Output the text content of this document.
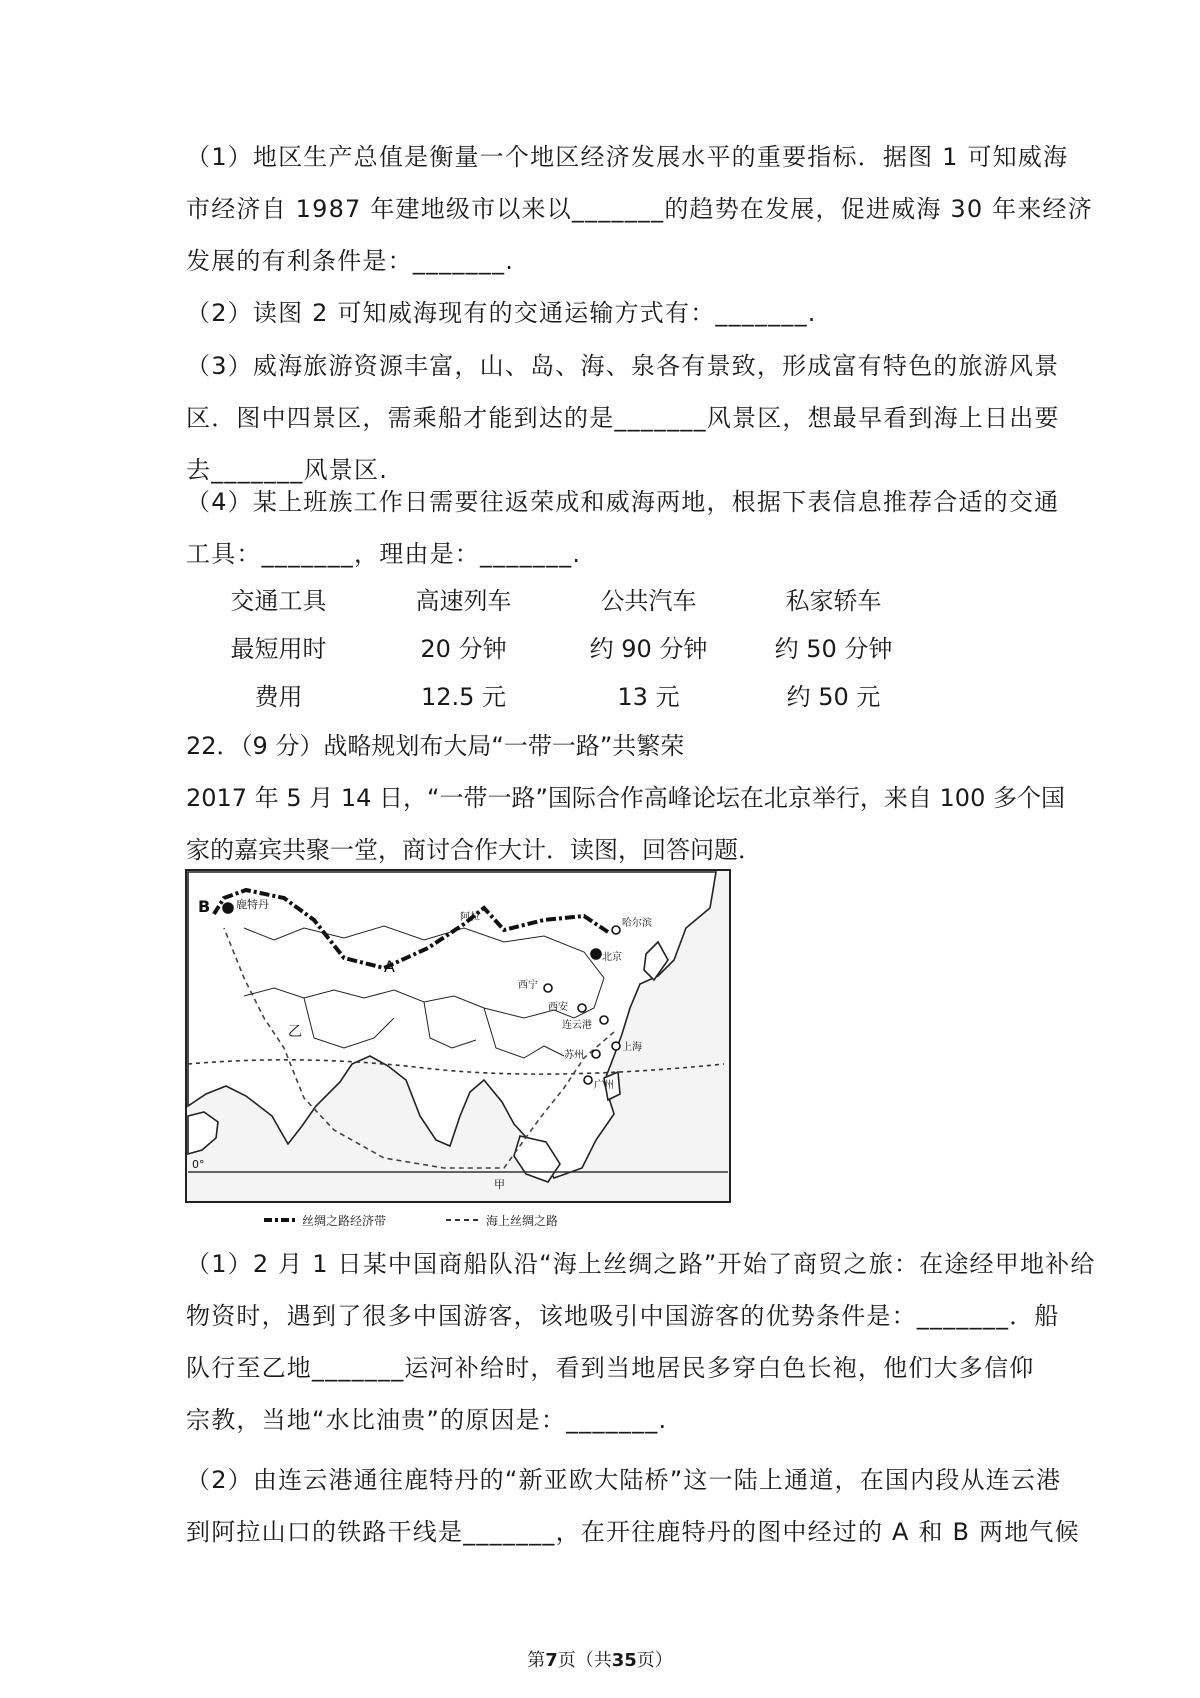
（1）地区生产总值是衡量一个地区经济发展水平的重要指标．据图 1 可知威海
市经济自 1987 年建地级市以来以_______的趋势在发展，促进威海 30 年来经济
发展的有利条件是：_______.

（2）读图 2 可知威海现有的交通运输方式有：_______.

（3）威海旅游资源丰富，山、岛、海、泉各有景致，形成富有特色的旅游风景
区．图中四景区，需乘船才能到达的是_______风景区，想最早看到海上日出要
去_______风景区.

（4）某上班族工作日需要往返荣成和威海两地，根据下表信息推荐合适的交通
工具：_______，理由是：_______.

交通工具	高速列车	公共汽车	私家轿车
最短用时	20 分钟	约 90 分钟	约 50 分钟
费用	12.5 元	13 元	约 50 元
22．（9 分）战略规划布大局“一带一路”共繁荣
2017 年 5 月 14 日，“一带一路”国际合作高峰论坛在北京举行，来自 100 多个国
家的嘉宾共聚一堂，商讨合作大计．读图，回答问题．
B 鹿特丹
A
乙
甲
阿拉
西宁
西安
北京
哈尔滨
连云港
苏州
上海
广州
0°
丝绸之路经济带	海上丝绸之路

（1）2 月 1 日某中国商船队沿“海上丝绸之路”开始了商贸之旅：在途经甲地补给
物资时，遇到了很多中国游客，该地吸引中国游客的优势条件是：_______．船
队行至乙地_______运河补给时，看到当地居民多穿白色长袍，他们大多信仰
宗教，当地“水比油贵”的原因是：_______.

（2）由连云港通往鹿特丹的“新亚欧大陆桥”这一陆上通道，在国内段从连云港
到阿拉山口的铁路干线是_______，在开往鹿特丹的图中经过的 A 和 B 两地气候

第7页（共35页）
